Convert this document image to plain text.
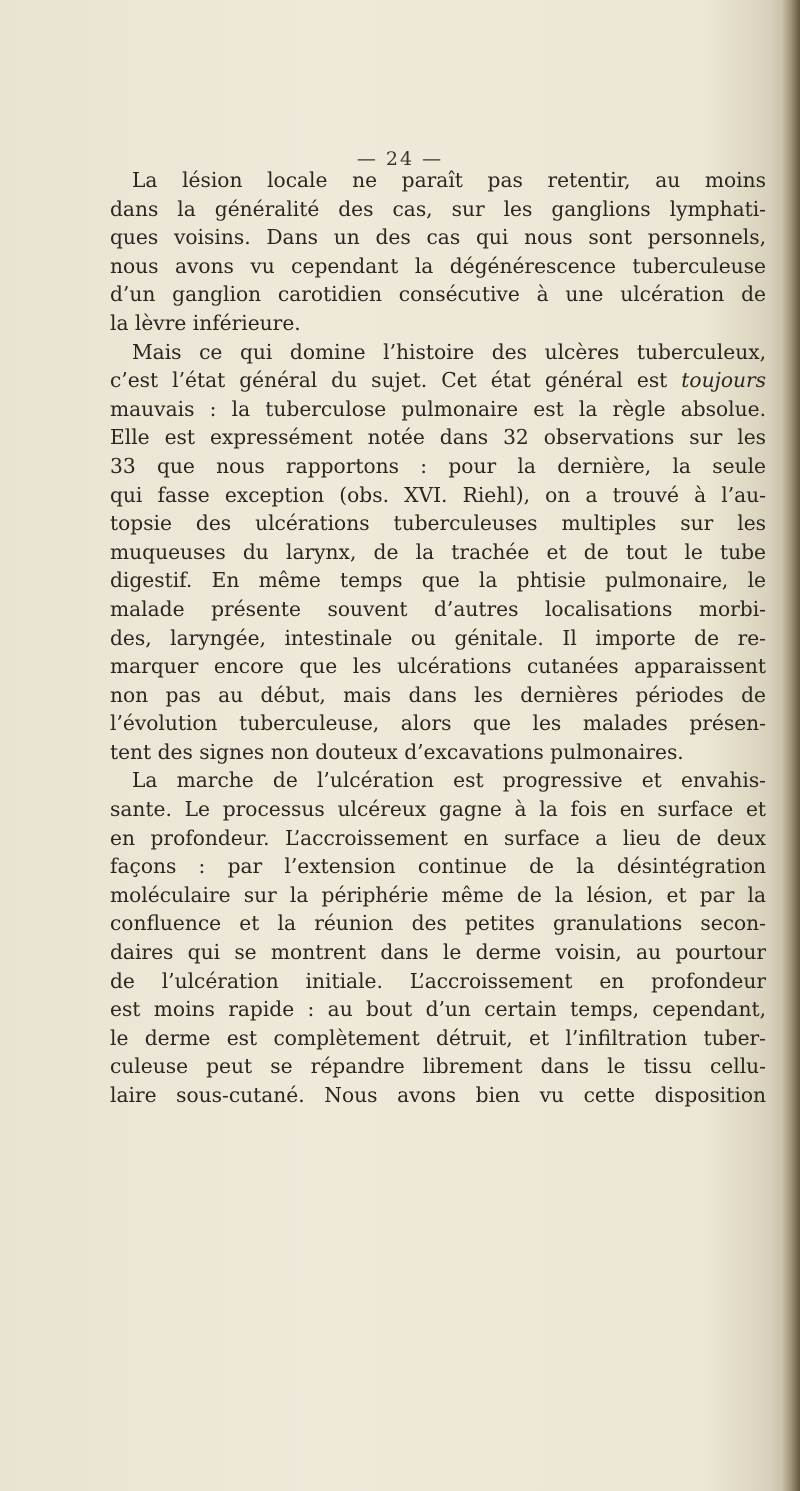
— 24 —
La lésion locale ne paraît pas retentir, au moins
dans la généralité des cas, sur les ganglions lymphati-
ques voisins. Dans un des cas qui nous sont personnels,
nous avons vu cependant la dégénérescence tuberculeuse
d’un ganglion carotidien consécutive à une ulcération de
la lèvre inférieure.
Mais ce qui domine l’histoire des ulcères tuberculeux,
c’est l’état général du sujet. Cet état général est toujours
mauvais : la tuberculose pulmonaire est la règle absolue.
Elle est expressément notée dans 32 observations sur les
33 que nous rapportons : pour la dernière, la seule
qui fasse exception (obs. XVI. Riehl), on a trouvé à l’au-
topsie des ulcérations tuberculeuses multiples sur les
muqueuses du larynx, de la trachée et de tout le tube
digestif. En même temps que la phtisie pulmonaire, le
malade présente souvent d’autres localisations morbi-
des, laryngée, intestinale ou génitale. Il importe de re-
marquer encore que les ulcérations cutanées apparaissent
non pas au début, mais dans les dernières périodes de
l’évolution tuberculeuse, alors que les malades présen-
tent des signes non douteux d’excavations pulmonaires.
La marche de l’ulcération est progressive et envahis-
sante. Le processus ulcéreux gagne à la fois en surface et
en profondeur. L’accroissement en surface a lieu de deux
façons : par l’extension continue de la désintégration
moléculaire sur la périphérie même de la lésion, et par la
confluence et la réunion des petites granulations secon-
daires qui se montrent dans le derme voisin, au pourtour
de l’ulcération initiale. L’accroissement en profondeur
est moins rapide : au bout d’un certain temps, cependant,
le derme est complètement détruit, et l’infiltration tuber-
culeuse peut se répandre librement dans le tissu cellu-
laire sous-cutané. Nous avons bien vu cette disposition
